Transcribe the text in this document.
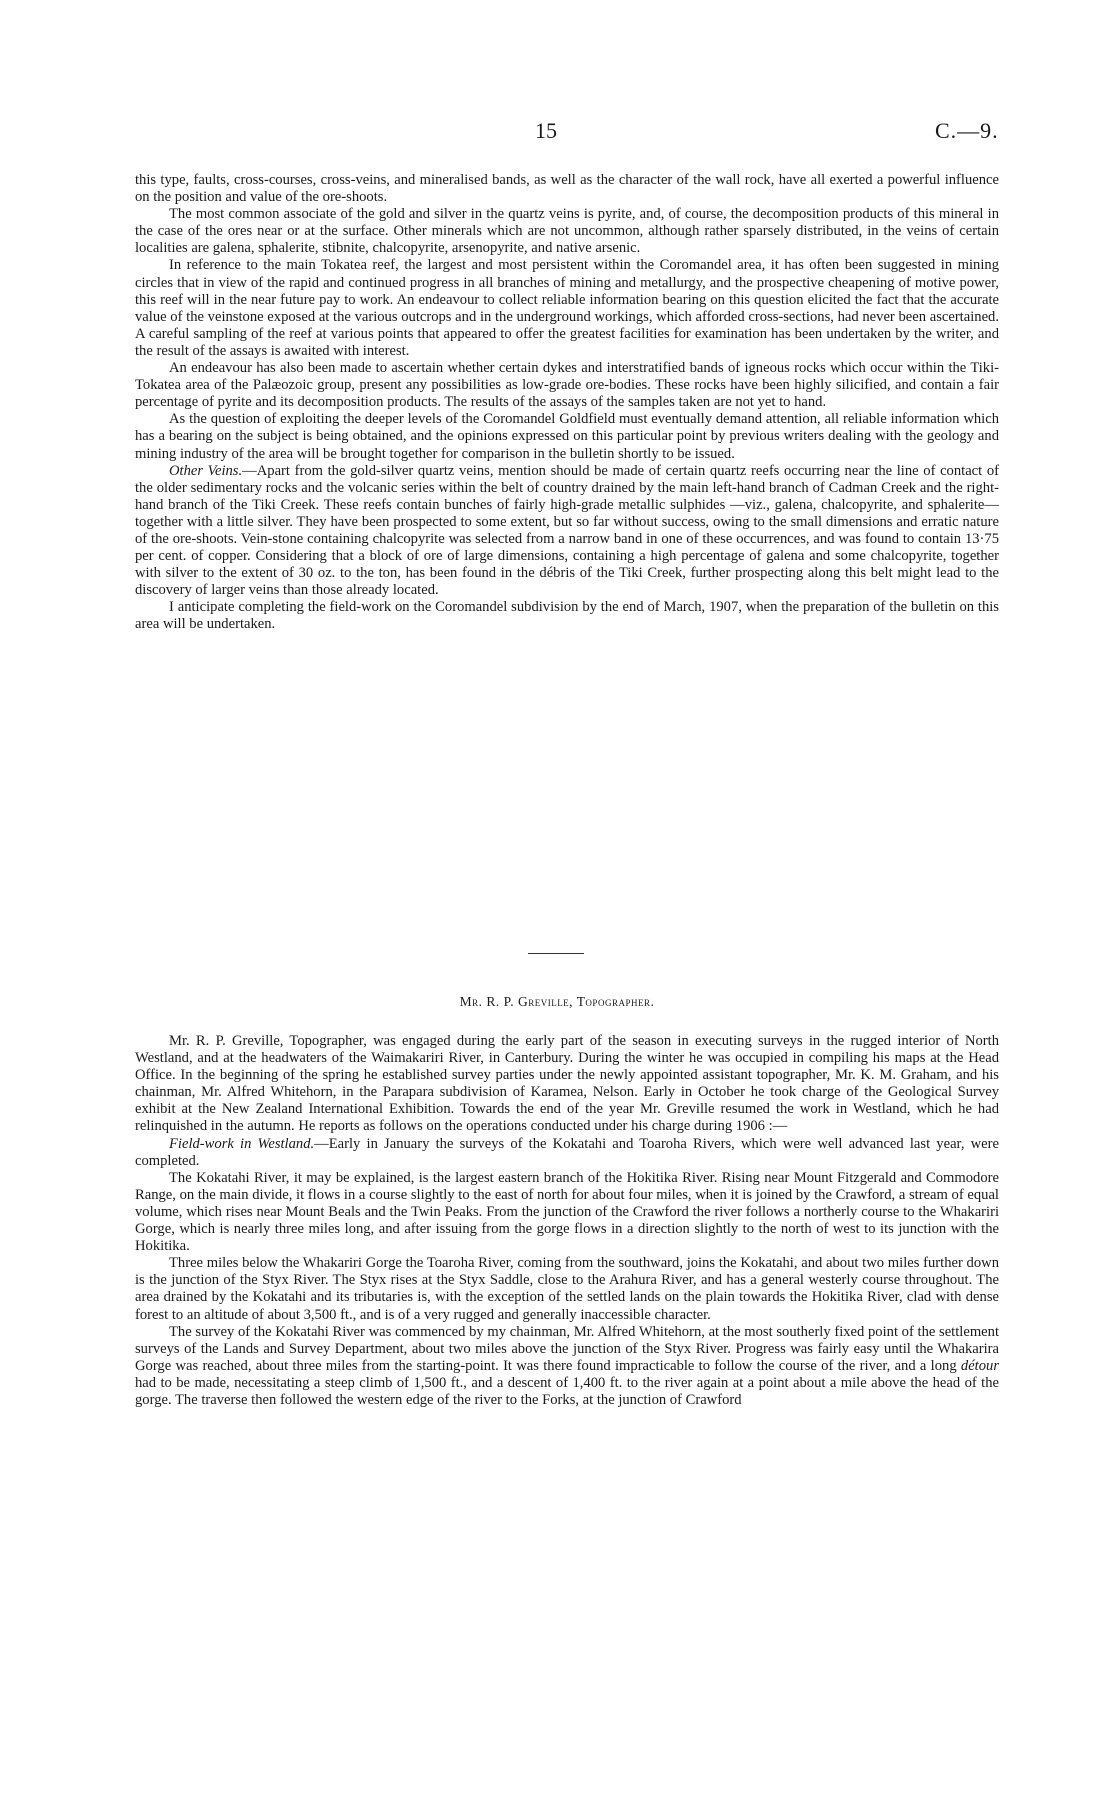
15	C.—9.

this type, faults, cross-courses, cross-veins, and mineralised bands, as well as the character of the wall rock, have all exerted a powerful influence on the position and value of the ore-shoots.

The most common associate of the gold and silver in the quartz veins is pyrite, and, of course, the decomposition products of this mineral in the case of the ores near or at the surface. Other minerals which are not uncommon, although rather sparsely distributed, in the veins of certain localities are galena, sphalerite, stibnite, chalcopyrite, arsenopyrite, and native arsenic.

In reference to the main Tokatea reef, the largest and most persistent within the Coromandel area, it has often been suggested in mining circles that in view of the rapid and continued progress in all branches of mining and metallurgy, and the prospective cheapening of motive power, this reef will in the near future pay to work. An endeavour to collect reliable information bearing on this question elicited the fact that the accurate value of the veinstone exposed at the various outcrops and in the underground workings, which afforded cross-sections, had never been ascertained. A careful sampling of the reef at various points that appeared to offer the greatest facilities for examination has been undertaken by the writer, and the result of the assays is awaited with interest.

An endeavour has also been made to ascertain whether certain dykes and interstratified bands of igneous rocks which occur within the Tiki-Tokatea area of the Palæozoic group, present any possibilities as low-grade ore-bodies. These rocks have been highly silicified, and contain a fair percentage of pyrite and its decomposition products. The results of the assays of the samples taken are not yet to hand.

As the question of exploiting the deeper levels of the Coromandel Goldfield must eventually demand attention, all reliable information which has a bearing on the subject is being obtained, and the opinions expressed on this particular point by previous writers dealing with the geology and mining industry of the area will be brought together for comparison in the bulletin shortly to be issued.

Other Veins.—Apart from the gold-silver quartz veins, mention should be made of certain quartz reefs occurring near the line of contact of the older sedimentary rocks and the volcanic series within the belt of country drained by the main left-hand branch of Cadman Creek and the right-hand branch of the Tiki Creek. These reefs contain bunches of fairly high-grade metallic sulphides —viz., galena, chalcopyrite, and sphalerite—together with a little silver. They have been prospected to some extent, but so far without success, owing to the small dimensions and erratic nature of the ore-shoots. Vein-stone containing chalcopyrite was selected from a narrow band in one of these occurrences, and was found to contain 13·75 per cent. of copper. Considering that a block of ore of large dimensions, containing a high percentage of galena and some chalcopyrite, together with silver to the extent of 30 oz. to the ton, has been found in the débris of the Tiki Creek, further prospecting along this belt might lead to the discovery of larger veins than those already located.

I anticipate completing the field-work on the Coromandel subdivision by the end of March, 1907, when the preparation of the bulletin on this area will be undertaken.

Mr. R. P. Greville, Topographer.

Mr. R. P. Greville, Topographer, was engaged during the early part of the season in executing surveys in the rugged interior of North Westland, and at the headwaters of the Waimakariri River, in Canterbury. During the winter he was occupied in compiling his maps at the Head Office. In the beginning of the spring he established survey parties under the newly appointed assistant topographer, Mr. K. M. Graham, and his chainman, Mr. Alfred Whitehorn, in the Parapara subdivision of Karamea, Nelson. Early in October he took charge of the Geological Survey exhibit at the New Zealand International Exhibition. Towards the end of the year Mr. Greville resumed the work in Westland, which he had relinquished in the autumn. He reports as follows on the operations conducted under his charge during 1906 :—

Field-work in Westland.—Early in January the surveys of the Kokatahi and Toaroha Rivers, which were well advanced last year, were completed.

The Kokatahi River, it may be explained, is the largest eastern branch of the Hokitika River. Rising near Mount Fitzgerald and Commodore Range, on the main divide, it flows in a course slightly to the east of north for about four miles, when it is joined by the Crawford, a stream of equal volume, which rises near Mount Beals and the Twin Peaks. From the junction of the Crawford the river follows a northerly course to the Whakariri Gorge, which is nearly three miles long, and after issuing from the gorge flows in a direction slightly to the north of west to its junction with the Hokitika.

Three miles below the Whakariri Gorge the Toaroha River, coming from the southward, joins the Kokatahi, and about two miles further down is the junction of the Styx River. The Styx rises at the Styx Saddle, close to the Arahura River, and has a general westerly course throughout. The area drained by the Kokatahi and its tributaries is, with the exception of the settled lands on the plain towards the Hokitika River, clad with dense forest to an altitude of about 3,500 ft., and is of a very rugged and generally inaccessible character.

The survey of the Kokatahi River was commenced by my chainman, Mr. Alfred Whitehorn, at the most southerly fixed point of the settlement surveys of the Lands and Survey Department, about two miles above the junction of the Styx River. Progress was fairly easy until the Whakarira Gorge was reached, about three miles from the starting-point. It was there found impracticable to follow the course of the river, and a long détour had to be made, necessitating a steep climb of 1,500 ft., and a descent of 1,400 ft. to the river again at a point about a mile above the head of the gorge. The traverse then followed the western edge of the river to the Forks, at the junction of Crawford
